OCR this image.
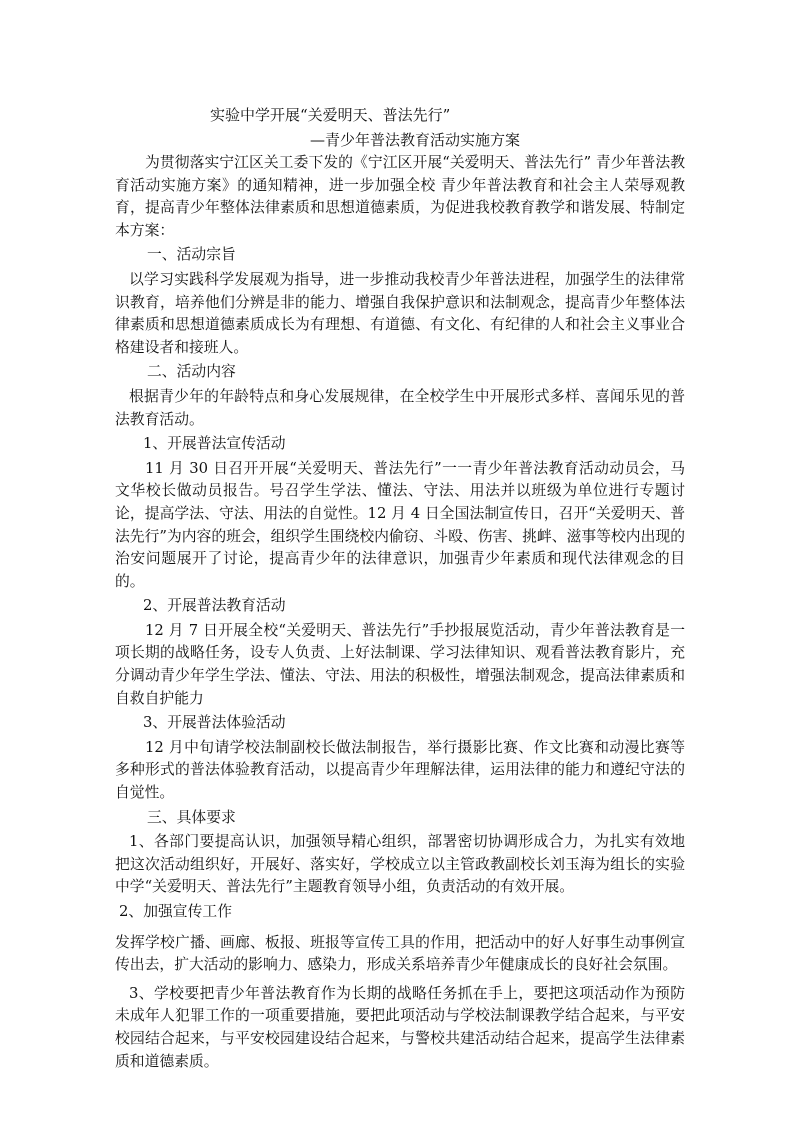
实验中学开展“关爱明天、普法先行”
—青少年普法教育活动实施方案

为贯彻落实宁江区关工委下发的《宁江区开展“关爱明天、普法先行” 青少年普法教育活动实施方案》的通知精神，进一步加强全校 青少年普法教育和社会主人荣辱观教育，提高青少年整体法律素质和思想道德素质，为促进我校教育教学和谐发展、特制定本方案：

一、活动宗旨

以学习实践科学发展观为指导，进一步推动我校青少年普法进程，加强学生的法律常识教育，培养他们分辨是非的能力、增强自我保护意识和法制观念，提高青少年整体法律素质和思想道德素质成长为有理想、有道德、有文化、有纪律的人和社会主义事业合格建设者和接班人。

二、活动内容

根据青少年的年龄特点和身心发展规律，在全校学生中开展形式多样、喜闻乐见的普法教育活动。

1、开展普法宣传活动

11 月 30 日召开开展“关爱明天、普法先行”一一青少年普法教育活动动员会，马文华校长做动员报告。号召学生学法、懂法、守法、用法并以班级为单位进行专题讨论，提高学法、守法、用法的自觉性。12 月 4 日全国法制宣传日，召开“关爱明天、普法先行”为内容的班会，组织学生围绕校内偷窃、斗殴、伤害、挑衅、滋事等校内出现的治安问题展开了讨论，提高青少年的法律意识，加强青少年素质和现代法律观念的目的。

2、开展普法教育活动

12 月 7 日开展全校“关爱明天、普法先行”手抄报展览活动，青少年普法教育是一项长期的战略任务，设专人负责、上好法制课、学习法律知识、观看普法教育影片，充分调动青少年学生学法、懂法、守法、用法的积极性，增强法制观念，提高法律素质和自救自护能力

3、开展普法体验活动

12 月中旬请学校法制副校长做法制报告，举行摄影比赛、作文比赛和动漫比赛等多种形式的普法体验教育活动，以提高青少年理解法律，运用法律的能力和遵纪守法的自觉性。

三、具体要求

1、各部门要提高认识，加强领导精心组织，部署密切协调形成合力，为扎实有效地把这次活动组织好，开展好、落实好，学校成立以主管政教副校长刘玉海为组长的实验中学“关爱明天、普法先行”主题教育领导小组，负责活动的有效开展。

2、加强宣传工作

发挥学校广播、画廊、板报、班报等宣传工具的作用，把活动中的好人好事生动事例宣传出去，扩大活动的影响力、感染力，形成关系培养青少年健康成长的良好社会氛围。

3、学校要把青少年普法教育作为长期的战略任务抓在手上，要把这项活动作为预防未成年人犯罪工作的一项重要措施，要把此项活动与学校法制课教学结合起来，与平安校园结合起来，与平安校园建设结合起来，与警校共建活动结合起来，提高学生法律素质和道德素质。
